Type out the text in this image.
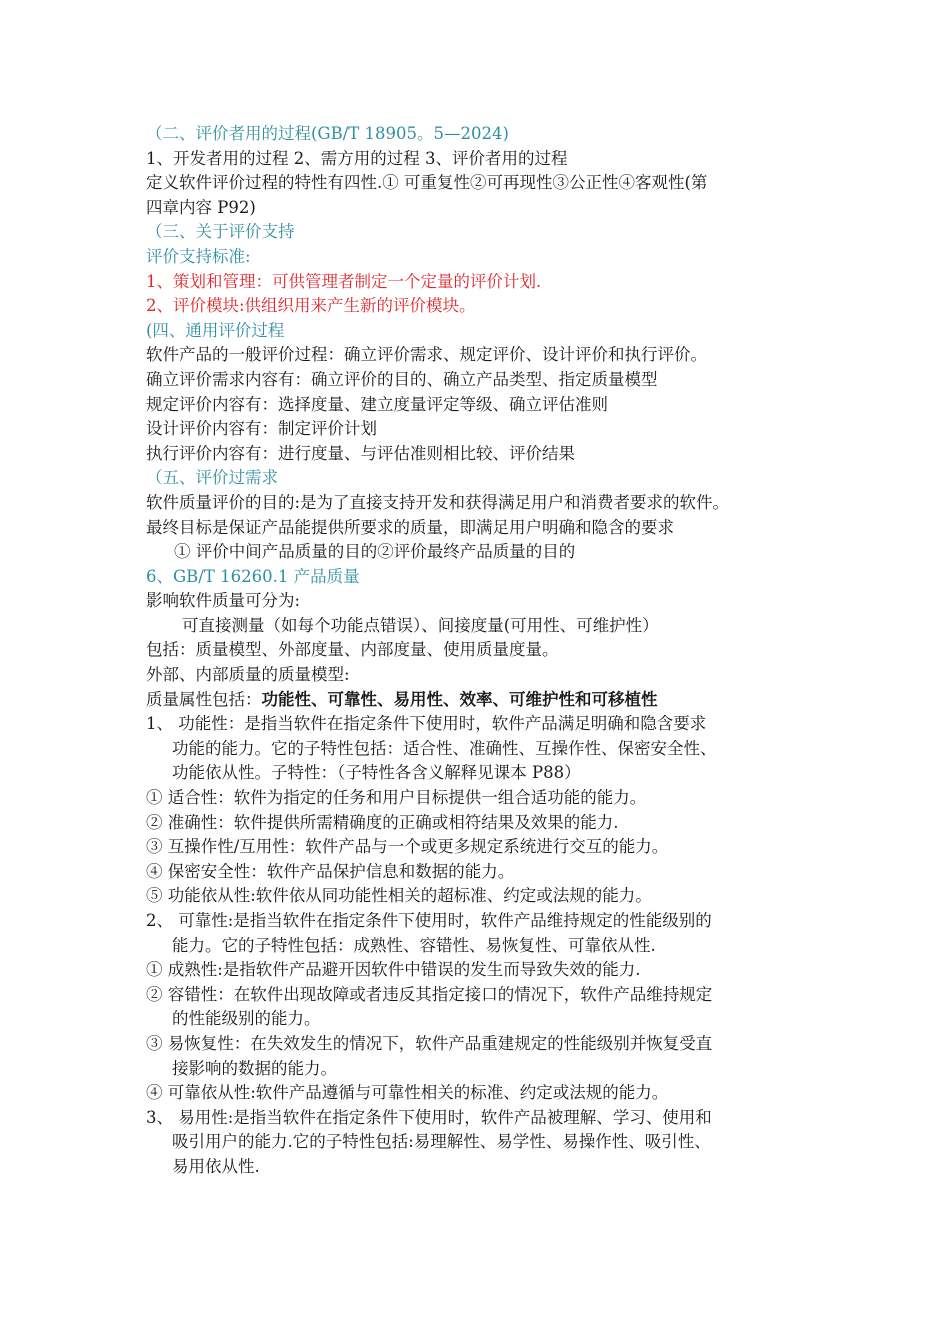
（二、评价者用的过程(GB/T 18905。5—2024)
1、开发者用的过程 2、需方用的过程 3、评价者用的过程
定义软件评价过程的特性有四性.① 可重复性②可再现性③公正性④客观性(第
四章内容 P92)
（三、关于评价支持
评价支持标准:
1、策划和管理：可供管理者制定一个定量的评价计划.
2、评价模块:供组织用来产生新的评价模块。
(四、通用评价过程
软件产品的一般评价过程：确立评价需求、规定评价、设计评价和执行评价。
确立评价需求内容有：确立评价的目的、确立产品类型、指定质量模型
规定评价内容有：选择度量、建立度量评定等级、确立评估准则
设计评价内容有：制定评价计划
执行评价内容有：进行度量、与评估准则相比较、评价结果
（五、评价过需求
软件质量评价的目的:是为了直接支持开发和获得满足用户和消费者要求的软件。
最终目标是保证产品能提供所要求的质量，即满足用户明确和隐含的要求
① 评价中间产品质量的目的②评价最终产品质量的目的
6、GB/T 16260.1 产品质量
影响软件质量可分为:
可直接测量（如每个功能点错误）、间接度量(可用性、可维护性）
包括：质量模型、外部度量、内部度量、使用质量度量。
外部、内部质量的质量模型:
质量属性包括：功能性、可靠性、易用性、效率、可维护性和可移植性
1、 功能性：是指当软件在指定条件下使用时，软件产品满足明确和隐含要求
功能的能力。它的子特性包括：适合性、准确性、互操作性、保密安全性、
功能依从性。子特性：（子特性各含义解释见课本 P88）
① 适合性：软件为指定的任务和用户目标提供一组合适功能的能力。
② 准确性：软件提供所需精确度的正确或相符结果及效果的能力.
③ 互操作性/互用性：软件产品与一个或更多规定系统进行交互的能力。
④ 保密安全性：软件产品保护信息和数据的能力。
⑤ 功能依从性:软件依从同功能性相关的超标准、约定或法规的能力。
2、 可靠性:是指当软件在指定条件下使用时，软件产品维持规定的性能级别的
能力。它的子特性包括：成熟性、容错性、易恢复性、可靠依从性.
① 成熟性:是指软件产品避开因软件中错误的发生而导致失效的能力.
② 容错性：在软件出现故障或者违反其指定接口的情况下，软件产品维持规定
的性能级别的能力。
③ 易恢复性：在失效发生的情况下，软件产品重建规定的性能级别并恢复受直
接影响的数据的能力。
④ 可靠依从性:软件产品遵循与可靠性相关的标准、约定或法规的能力。
3、 易用性:是指当软件在指定条件下使用时，软件产品被理解、学习、使用和
吸引用户的能力.它的子特性包括:易理解性、易学性、易操作性、吸引性、
易用依从性.
